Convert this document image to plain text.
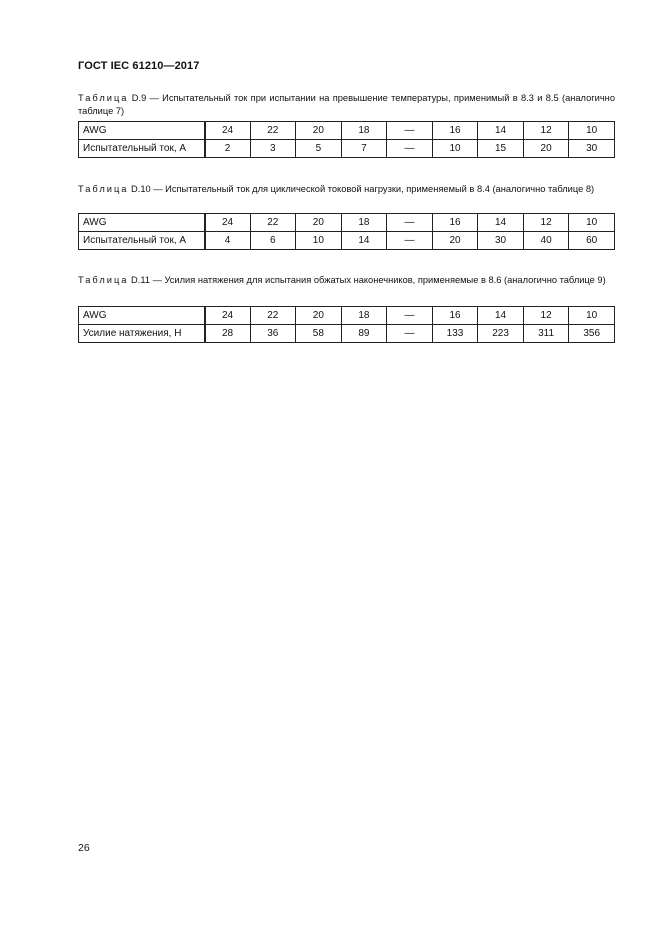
ГОСТ IEC 61210—2017
Таблица D.9 — Испытательный ток при испытании на превышение температуры, применимый в 8.3 и 8.5 (аналогично таблице 7)
AWG	24	22	20	18	—	16	14	12	10
Испытательный ток, А	2	3	5	7	—	10	15	20	30
Таблица D.10 — Испытательный ток для циклической токовой нагрузки, применяемый в 8.4 (аналогично таблице 8)
AWG	24	22	20	18	—	16	14	12	10
Испытательный ток, А	4	6	10	14	—	20	30	40	60
Таблица D.11 — Усилия натяжения для испытания обжатых наконечников, применяемые в 8.6 (аналогично таблице 9)
AWG	24	22	20	18	—	16	14	12	10
Усилие натяжения, Н	28	36	58	89	—	133	223	311	356
26
